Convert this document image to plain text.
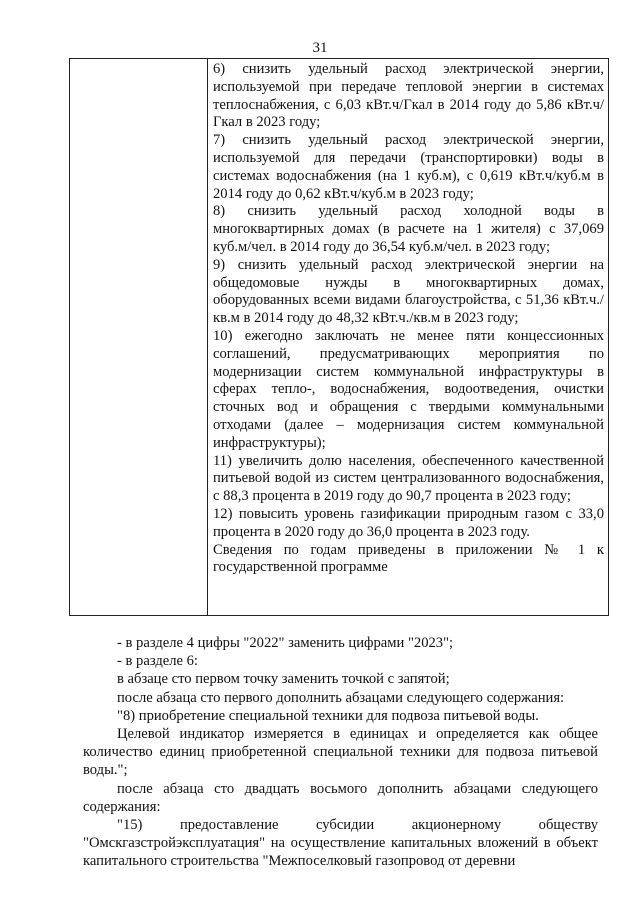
31

6) снизить удельный расход электрической энергии, используемой при передаче тепловой энергии в системах теплоснабжения, с 6,03 кВт.ч/Гкал в 2014 году до 5,86 кВт.ч/Гкал в 2023 году;

7) снизить удельный расход электрической энергии, используемой для передачи (транспортировки) воды в системах водоснабжения (на 1 куб.м), с 0,619 кВт.ч/куб.м в 2014 году до 0,62 кВт.ч/куб.м в 2023 году;

8) снизить удельный расход холодной воды в многоквартирных домах (в расчете на 1 жителя) с 37,069 куб.м/чел. в 2014 году до 36,54 куб.м/чел. в 2023 году;

9) снизить удельный расход электрической энергии на общедомовые нужды в многоквартирных домах, оборудованных всеми видами благоустройства, с 51,36 кВт.ч./кв.м в 2014 году до 48,32 кВт.ч./кв.м в 2023 году;

10) ежегодно заключать не менее пяти концессионных соглашений, предусматривающих мероприятия по модернизации систем коммунальной инфраструктуры в сферах тепло-, водоснабжения, водоотведения, очистки сточных вод и обращения с твердыми коммунальными отходами (далее – модернизация систем коммунальной инфраструктуры);

11) увеличить долю населения, обеспеченного качественной питьевой водой из систем централизованного водоснабжения, с 88,3 процента в 2019 году до 90,7 процента в 2023 году;

12) повысить уровень газификации природным газом с 33,0 процента в 2020 году до 36,0 процента в 2023 году.

Сведения по годам приведены в приложении № 1 к государственной программе

- в разделе 4 цифры "2022" заменить цифрами "2023";

- в разделе 6:

в абзаце сто первом точку заменить точкой с запятой;

после абзаца сто первого дополнить абзацами следующего содержания:

"8) приобретение специальной техники для подвоза питьевой воды.

Целевой индикатор измеряется в единицах и определяется как общее количество единиц приобретенной специальной техники для подвоза питьевой воды.";

после абзаца сто двадцать восьмого дополнить абзацами следующего содержания:

"15) предоставление субсидии акционерному обществу "Омскгазстройэксплуатация" на осуществление капитальных вложений в объект капитального строительства "Межпоселковый газопровод от деревни
